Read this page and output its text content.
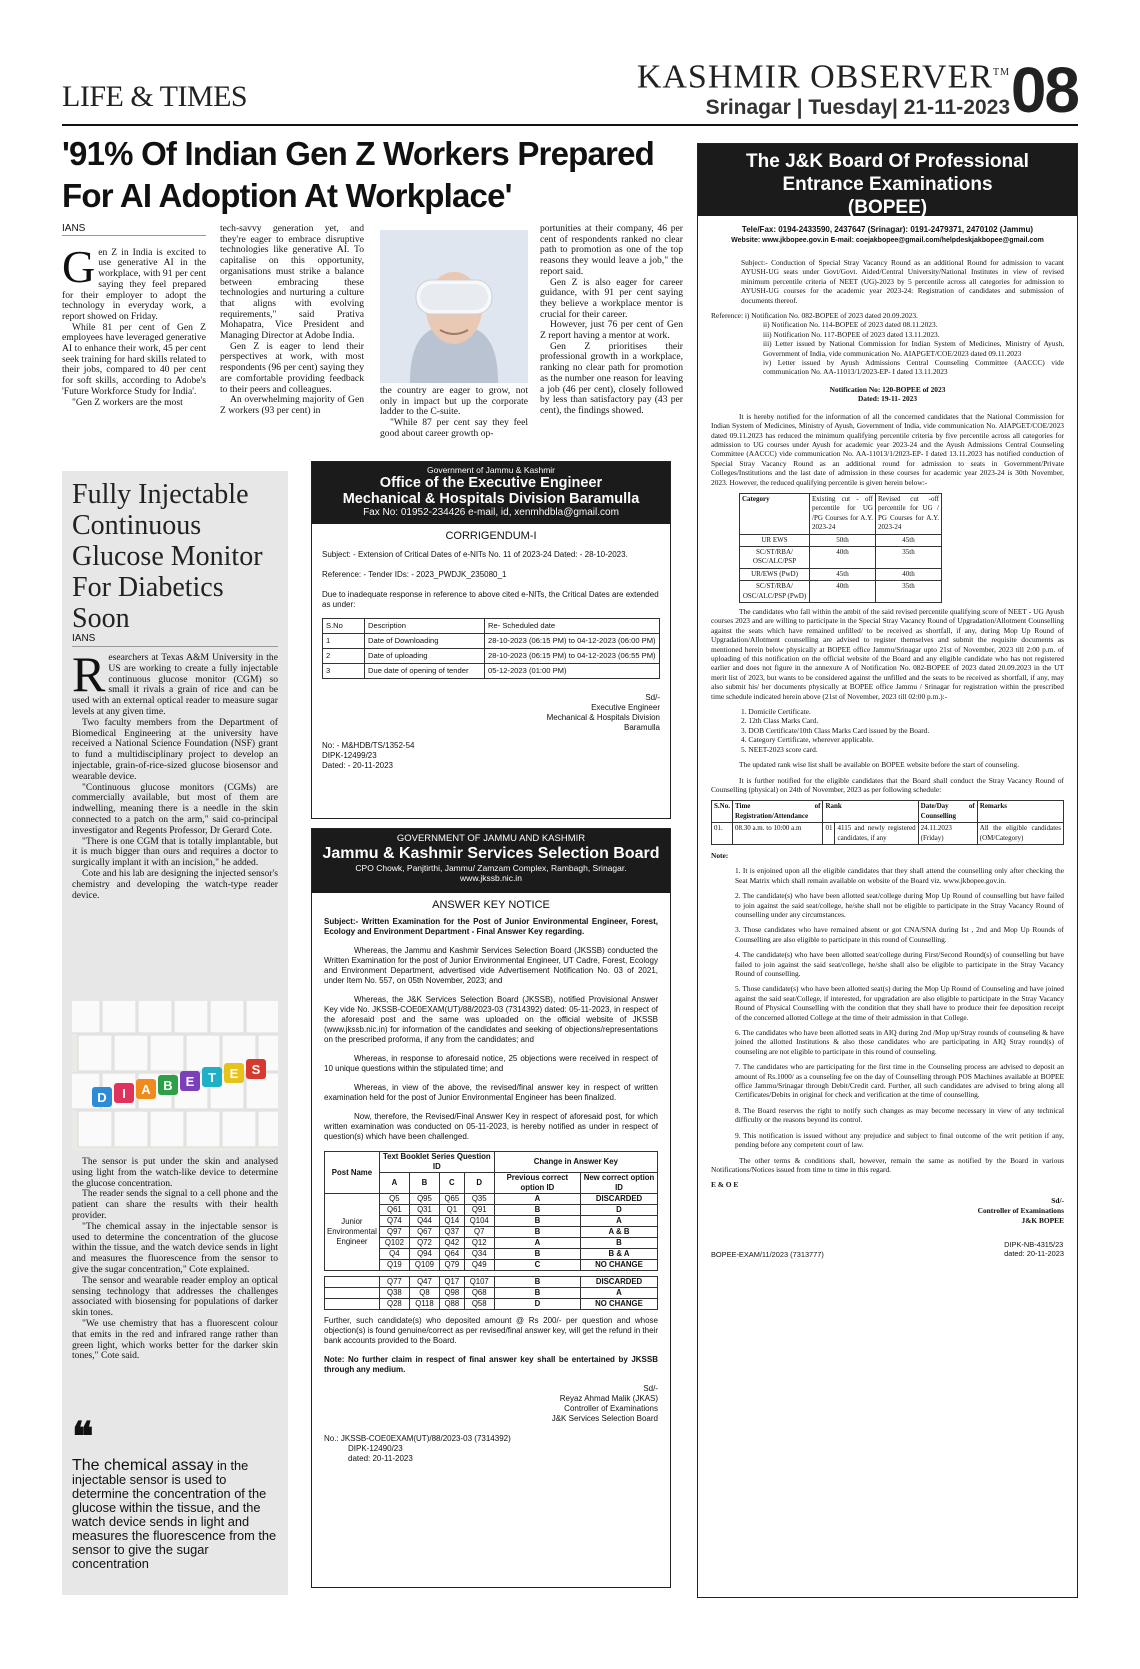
LIFE & TIMES
KASHMIR OBSERVER™
Srinagar | Tuesday| 21-11-2023 08
'91% Of Indian Gen Z Workers Prepared For AI Adoption At Workplace'
IANS

Gen Z in India is excited to use generative AI in the workplace, with 91 per cent saying they feel prepared for their employer to adopt the technology in everyday work, a report showed on Friday.

While 81 per cent of Gen Z employees have leveraged generative AI to enhance their work, 45 per cent seek training for hard skills related to their jobs, compared to 40 per cent for soft skills, according to Adobe's 'Future Workforce Study for India'.

"Gen Z workers are the most

tech-savvy generation yet, and they're eager to embrace disruptive technologies like generative AI. To capitalise on this opportunity, organisations must strike a balance between embracing these technologies and nurturing a culture that aligns with evolving requirements," said Prativa Mohapatra, Vice President and Managing Director at Adobe India.

Gen Z is eager to lend their perspectives at work, with most respondents (96 per cent) saying they are comfortable providing feedback to their peers and colleagues.

An overwhelming majority of Gen Z workers (93 per cent) in

the country are eager to grow, not only in impact but up the corporate ladder to the C-suite.

"While 87 per cent say they feel good about career growth op-

portunities at their company, 46 per cent of respondents ranked no clear path to promotion as one of the top reasons they would leave a job," the report said.

Gen Z is also eager for career guidance, with 91 per cent saying they believe a workplace mentor is crucial for their career.

However, just 76 per cent of Gen Z report having a mentor at work.

Gen Z prioritises their professional growth in a workplace, ranking no clear path for promotion as the number one reason for leaving a job (46 per cent), closely followed by less than satisfactory pay (43 per cent), the findings showed.

Fully Injectable Continuous Glucose Monitor For Diabetics Soon
IANS

Researchers at Texas A&M University in the US are working to create a fully injectable continuous glucose monitor (CGM) so small it rivals a grain of rice and can be used with an external optical reader to measure sugar levels at any given time.

Two faculty members from the Department of Biomedical Engineering at the university have received a National Science Foundation (NSF) grant to fund a multidisciplinary project to develop an injectable, grain-of-rice-sized glucose biosensor and wearable device.

"Continuous glucose monitors (CGMs) are commercially available, but most of them are indwelling, meaning there is a needle in the skin connected to a patch on the arm," said co-principal investigator and Regents Professor, Dr Gerard Cote.

"There is one CGM that is totally implantable, but it is much bigger than ours and requires a doctor to surgically implant it with an incision," he added.

Cote and his lab are designing the injected sensor's chemistry and developing the watch-type reader device.

D I A B E T E S

The sensor is put under the skin and analysed using light from the watch-like device to determine the glucose concentration.

The reader sends the signal to a cell phone and the patient can share the results with their health provider.

"The chemical assay in the injectable sensor is used to determine the concentration of the glucose within the tissue, and the watch device sends in light and measures the fluorescence from the sensor to give the sugar concentration," Cote explained.

The sensor and wearable reader employ an optical sensing technology that addresses the challenges associated with biosensing for populations of darker skin tones.

"We use chemistry that has a fluorescent colour that emits in the red and infrared range rather than green light, which works better for the darker skin tones," Cote said.

❝
The chemical assay in the injectable sensor is used to determine the concentration of the glucose within the tissue, and the watch device sends in light and measures the fluorescence from the sensor to give the sugar concentration
Government of Jammu & Kashmir
Office of the Executive Engineer
Mechanical & Hospitals Division Baramulla
Fax No: 01952-234426 e-mail, id, xenmhdbla@gmail.com
CORRIGENDUM-I
Subject: - Extension of Critical Dates of e-NITs No. 11 of 2023-24 Dated: - 28-10-2023.
Reference: - Tender IDs: - 2023_PWDJK_235080_1
Due to inadequate response in reference to above cited e-NITs, the Critical Dates are extended as under:
S.No	Description	Re- Scheduled date
1	Date of Downloading	28-10-2023 (06:15 PM) to 04-12-2023 (06:00 PM)
2	Date of uploading	28-10-2023 (06:15 PM) to 04-12-2023 (06:55 PM)
3	Due date of opening of tender	05-12-2023 (01:00 PM)
Sd/-
Executive Engineer
Mechanical & Hospitals Division
Baramulla
No: - M&HDB/TS/1352-54
DIPK-12499/23
Dated: - 20-11-2023
GOVERNMENT OF JAMMU AND KASHMIR
Jammu & Kashmir Services Selection Board
CPO Chowk, Panjtirthi, Jammu/ Zamzam Complex, Rambagh, Srinagar.
www.jkssb.nic.in
ANSWER KEY NOTICE

Subject:- Written Examination for the Post of Junior Environmental Engineer, Forest, Ecology and Environment Department - Final Answer Key regarding.

Whereas, the Jammu and Kashmir Services Selection Board (JKSSB) conducted the Written Examination for the post of Junior Environmental Engineer, UT Cadre, Forest, Ecology and Environment Department, advertised vide Advertisement Notification No. 03 of 2021, under Item No. 557, on 05th November, 2023; and

Whereas, the J&K Services Selection Board (JKSSB), notified Provisional Answer Key vide No. JKSSB-COE0EXAM(UT)/88/2023-03 (7314392) dated: 05-11-2023, in respect of the aforesaid post and the same was uploaded on the official website of JKSSB (www.jkssb.nic.in) for information of the candidates and seeking of objections/representations on the prescribed proforma, if any from the candidates; and

Whereas, in response to aforesaid notice, 25 objections were received in respect of 10 unique questions within the stipulated time; and

Whereas, in view of the above, the revised/final answer key in respect of written examination held for the post of Junior Environmental Engineer has been finalized.

Now, therefore, the Revised/Final Answer Key in respect of aforesaid post, for which written examination was conducted on 05-11-2023, is hereby notified as under in respect of question(s) which have been challenged.

Post Name	Text Booklet Series Question ID				Change in Answer Key	
	A	B	C	D	Previous correct option ID	New correct option ID
Junior Environmental Engineer	Q5	Q95	Q65	Q35	A	DISCARDED
	Q61	Q31	Q1	Q91	B	D
	Q74	Q44	Q14	Q104	B	A
	Q97	Q67	Q37	Q7	B	A & B
	Q102	Q72	Q42	Q12	A	B
	Q4	Q94	Q64	Q34	B	B & A
	Q19	Q109	Q79	Q49	C	NO CHANGE

	Q77	Q47	Q17	Q107	B	DISCARDED
	Q38	Q8	Q98	Q68	B	A
	Q28	Q118	Q88	Q58	D	NO CHANGE

Further, such candidate(s) who deposited amount @ Rs 200/- per question and whose objection(s) is found genuine/correct as per revised/final answer key, will get the refund in their bank accounts provided to the Board.

Note: No further claim in respect of final answer key shall be entertained by JKSSB through any medium.

Sd/-
Reyaz Ahmad Malik (JKAS)
Controller of Examinations
J&K Services Selection Board
No.: JKSSB-COE0EXAM(UT)/88/2023-03 (7314392)
DIPK-12490/23
dated: 20-11-2023
The J&K Board Of Professional
Entrance Examinations
(BOPEE)
Tele/Fax: 0194-2433590, 2437647 (Srinagar): 0191-2479371, 2470102 (Jammu)
Website: www.jkbopee.gov.in E-mail: coejakbopee@gmail.com/helpdeskjakbopee@gmail.com

Subject:- Conduction of Special Stray Vacancy Round as an additional Round for admission to vacant AYUSH-UG seats under Govt/Govt. Aided/Central University/National Institutes in view of revised minimum percentile criteria of NEET (UG)-2023 by 5 percentile across all categories for admission to AYUSH-UG courses for the academic year 2023-24: Registration of candidates and submission of documents thereof.

Reference: i) Notification No. 082-BOPEE of 2023 dated 20.09.2023.
ii) Notification No. 114-BOPEE of 2023 dated 08.11.2023.
iii) Notification No. 117-BOPEE of 2023 dated 13.11.2023.
iii) Letter issued by National Commission for Indian System of Medicines, Ministry of Ayush, Government of India, vide communication No. AIAPGET/COE/2023 dated 09.11.2023
iv) Letter issued by Ayush Admissions Central Counseling Committee (AACCC) vide communication No. AA-11013/1/2023-EP- I dated 13.11.2023
Notification No: 120-BOPEE of 2023
Dated: 19-11- 2023

It is hereby notified for the information of all the concerned candidates that the National Commission for Indian System of Medicines, Ministry of Ayush, Government of India, vide communication No. AIAPGET/COE/2023 dated 09.11.2023 has reduced the minimum qualifying percentile criteria by five percentile across all categories for admission to UG courses under Ayush for academic year 2023-24 and the Ayush Admissions Central Counseling Committee (AACCC) vide communication No. AA-11013/1/2023-EP- I dated 13.11.2023 has notified conduction of Special Stray Vacancy Round as an additional round for admission to seats in Government/Private Colleges/Institutions and the last date of admission in these courses for academic year 2023-24 is 30th November, 2023. However, the reduced qualifying percentile is given herein below:-

Category	Existing cut - off percentile for UG /PG Courses for A.Y. 2023-24	Revised cut -off percentile for UG / PG Courses for A.Y. 2023-24
UR EWS	50th	45th
SC/ST/RBA/ OSC/ALC/PSP	40th	35th
UR/EWS (PwD)	45th	40th
SC/ST/RBA/ OSC/ALC/PSP (PwD)	40th	35th

The candidates who fall within the ambit of the said revised percentile qualifying score of NEET - UG Ayush courses 2023 and are willing to participate in the Special Stray Vacancy Round of Upgradation/Allotment Counselling against the seats which have remained unfilled/ to be received as shortfall, if any, during Mop Up Round of Upgradation/Allotment counselling are advised to register themselves and submit the requisite documents as mentioned herein below physically at BOPEE office Jammu/Srinagar upto 21st of November, 2023 till 2:00 p.m. of uploading of this notification on the official website of the Board and any eligible candidate who has not registered earlier and does not figure in the annexure A of Notification No. 082-BOPEE of 2023 dated 20.09.2023 in the UT merit list of 2023, but wants to be considered against the unfilled and the seats to be received as shortfall, if any, may also submit his/ her documents physically at BOPEE office Jammu / Srinagar for registration within the prescribed time schedule indicated herein above (21st of November, 2023 till 02:00 p.m.):-

1. Domicile Certificate.
2. 12th Class Marks Card.
3. DOB Certificate/10th Class Marks Card issued by the Board.
4. Category Certificate, wherever applicable.
5. NEET-2023 score card.

The updated rank wise list shall be available on BOPEE website before the start of counseling.

It is further notified for the eligible candidates that the Board shall conduct the Stray Vacancy Round of Counselling (physical) on 24th of November, 2023 as per following schedule:

S.No.	Time of Registration/Attendance	Rank		Date/Day of Counselling	Remarks
01.	08.30 a.m. to 10:00 a.m	01	4115 and newly registered candidates, if any	24.11.2023 (Friday)	All the eligible candidates (OM/Category)
Note:
1. It is enjoined upon all the eligible candidates that they shall attend the counselling only after checking the Seat Matrix which shall remain available on website of the Board viz. www.jkbopee.gov.in.
2. The candidate(s) who have been allotted seat/college during Mop Up Round of counselling but have failed to join against the said seat/college, he/she shall not be eligible to participate in the Stray Vacancy Round of counselling under any circumstances.
3. Those candidates who have remained absent or got CNA/SNA during Ist , 2nd and Mop Up Rounds of Counselling are also eligible to participate in this round of Counselling.
4. The candidate(s) who have been allotted seat/college during First/Second Round(s) of counselling but have failed to join against the said seat/college, he/she shall also be eligible to participate in the Stray Vacancy Round of counselling.
5. Those candidate(s) who have been allotted seat(s) during the Mop Up Round of Counseling and have joined against the said seat/College, if interested, for upgradation are also eligible to participate in the Stray Vacancy Round of Physical Counselling with the condition that they shall have to produce their fee deposition receipt of the concerned allotted College at the time of their admission in that College.
6. The candidates who have been allotted seats in AIQ during 2nd /Mop up/Stray rounds of counseling & have joined the allotted Institutions & also those candidates who are participating in AIQ Stray round(s) of counseling are not eligible to participate in this round of counseling.
7. The candidates who are participating for the first time in the Counseling process are advised to deposit an amount of Rs.1000/ as a counseling fee on the day of Counselling through POS Machines available at BOPEE office Jammu/Srinagar through Debit/Credit card. Further, all such candidates are advised to bring along all Certificates/Debits in original for check and verification at the time of counselling.
8. The Board reserves the right to notify such changes as may become necessary in view of any technical difficulty or the reasons beyond its control.
9. This notification is issued without any prejudice and subject to final outcome of the writ petition if any, pending before any competent court of law.

The other terms & conditions shall, however, remain the same as notified by the Board in various Notifications/Notices issued from time to time in this regard.

E & O E
Sd/-
Controller of Examinations
J&K BOPEE
BOPEE-EXAM/11/2023 (7313777)
DIPK-NB-4315/23
dated: 20-11-2023
